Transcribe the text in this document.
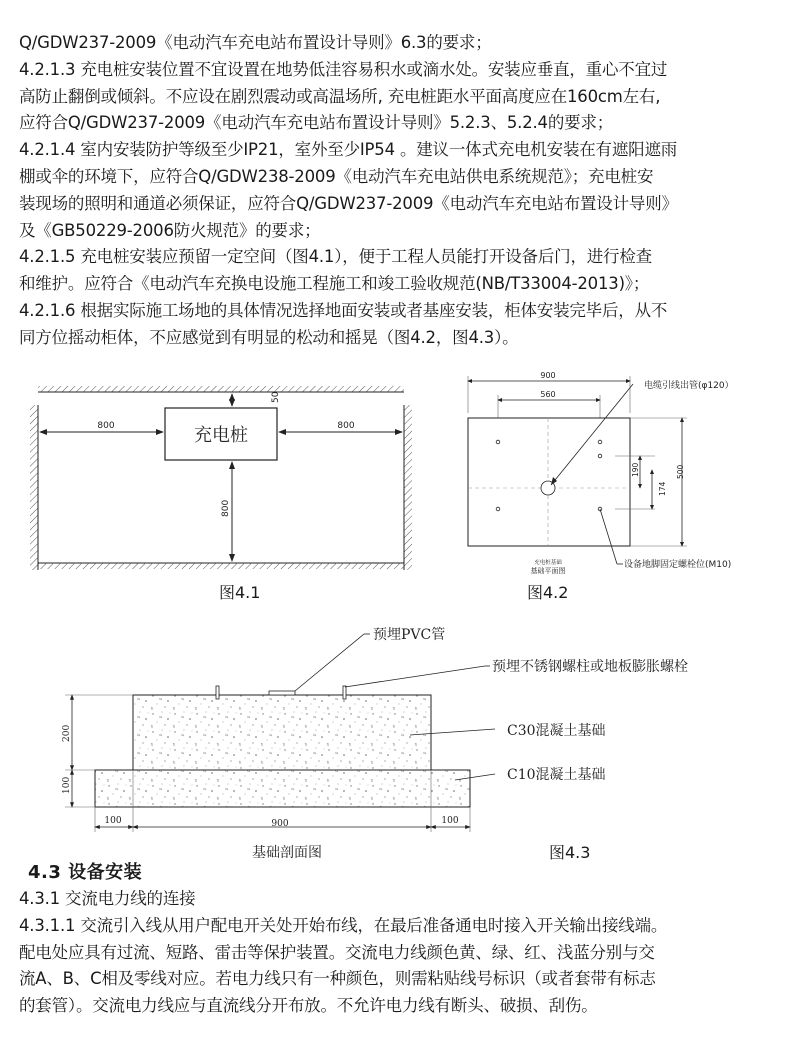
Q/GDW237-2009《电动汽车充电站布置设计导则》6.3的要求；
4.2.1.3 充电桩安装位置不宜设置在地势低洼容易积水或滴水处。安装应垂直，重心不宜过
高防止翻倒或倾斜。不应设在剧烈震动或高温场所, 充电桩距水平面高度应在160cm左右,
应符合Q/GDW237-2009《电动汽车充电站布置设计导则》5.2.3、5.2.4的要求；
4.2.1.4 室内安装防护等级至少IP21，室外至少IP54 。建议一体式充电机安装在有遮阳遮雨
棚或伞的环境下，应符合Q/GDW238-2009《电动汽车充电站供电系统规范》；充电桩安
装现场的照明和通道必须保证，应符合Q/GDW237-2009《电动汽车充电站布置设计导则》
及《GB50229-2006防火规范》的要求；
4.2.1.5 充电桩安装应预留一定空间（图4.1），便于工程人员能打开设备后门，进行检查
和维护。应符合《电动汽车充换电设施工程施工和竣工验收规范(NB/T33004-2013)》；
4.2.1.6 根据实际施工场地的具体情况选择地面安装或者基座安装，柜体安装完毕后，从不
同方位摇动柜体，不应感觉到有明显的松动和摇晃（图4.2，图4.3）。
充电桩
800	800
50
800
图4.1
900
560
190
174
500
电缆引线出管(φ120）
设备地脚固定螺栓位(M10)
充电桩基础
基础平面图
图4.2
预埋PVC管
预埋不锈钢螺柱或地板膨胀螺栓
C30混凝土基础
C10混凝土基础
200
100
100	900	100
基础剖面图	图4.3
4.3 设备安装
4.3.1 交流电力线的连接
4.3.1.1 交流引入线从用户配电开关处开始布线，在最后准备通电时接入开关输出接线端。
配电处应具有过流、短路、雷击等保护装置。交流电力线颜色黄、绿、红、浅蓝分别与交
流A、B、C相及零线对应。若电力线只有一种颜色，则需粘贴线号标识（或者套带有标志
的套管）。交流电力线应与直流线分开布放。不允许电力线有断头、破损、刮伤。
